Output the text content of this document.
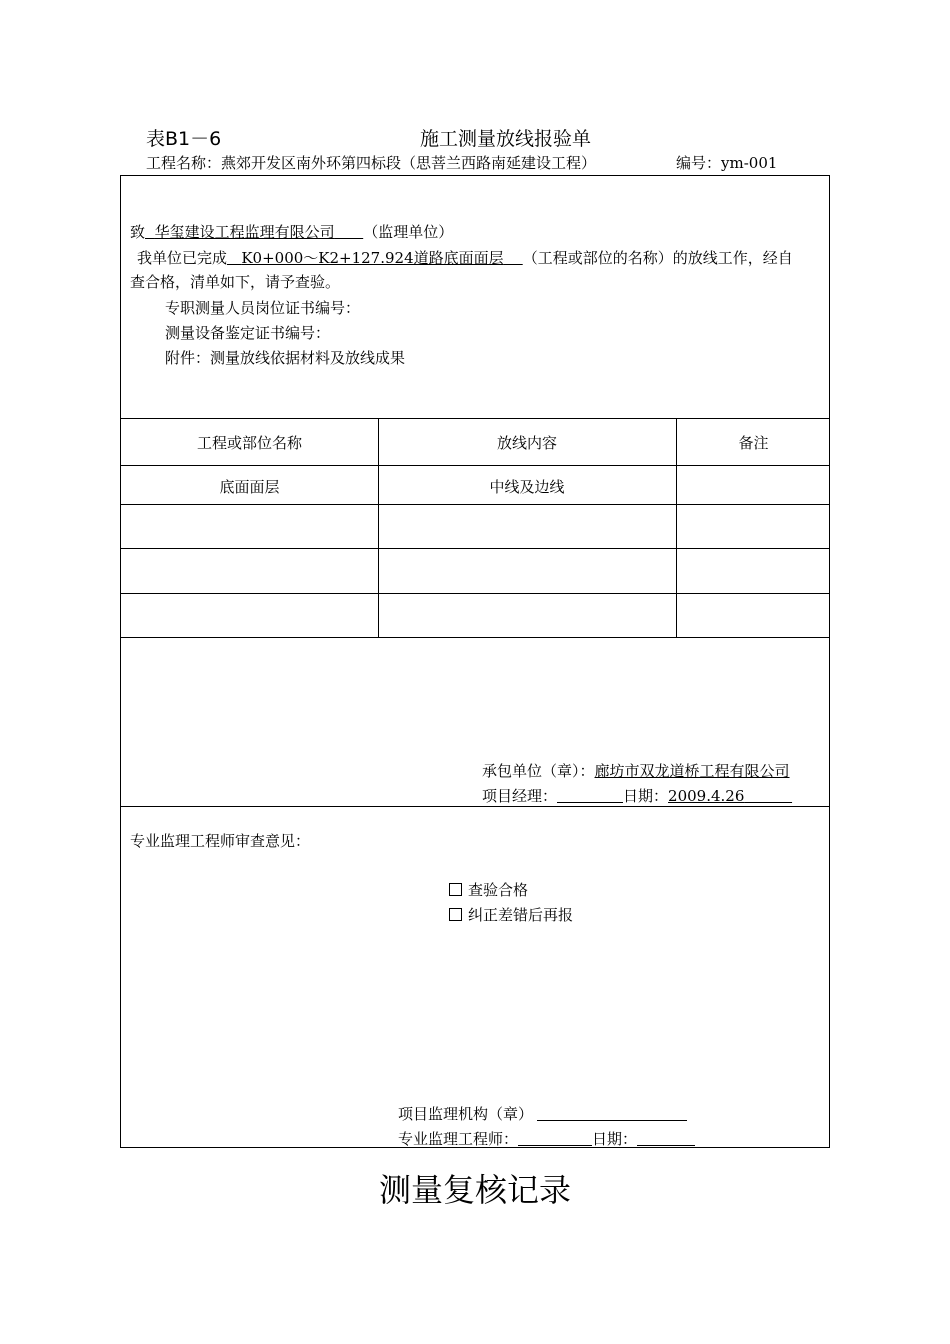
表B1－6	施工测量放线报验单
工程名称：燕郊开发区南外环第四标段（思菩兰西路南延建设工程）	编号：ym-001
致 华玺建设工程监理有限公司 （监理单位）
我单位已完成 K0+000～K2+127.924道路底面面层 （工程或部位的名称）的放线工作，经自
查合格，清单如下，请予查验。
专职测量人员岗位证书编号：
测量设备鉴定证书编号：
附件：测量放线依据材料及放线成果
工程或部位名称	放线内容	备注
底面面层	中线及边线
承包单位（章）：廊坊市双龙道桥工程有限公司
项目经理：	日期：2009.4.26
专业监理工程师审查意见：
查验合格
纠正差错后再报
项目监理机构（章）
专业监理工程师：	日期：
测量复核记录
